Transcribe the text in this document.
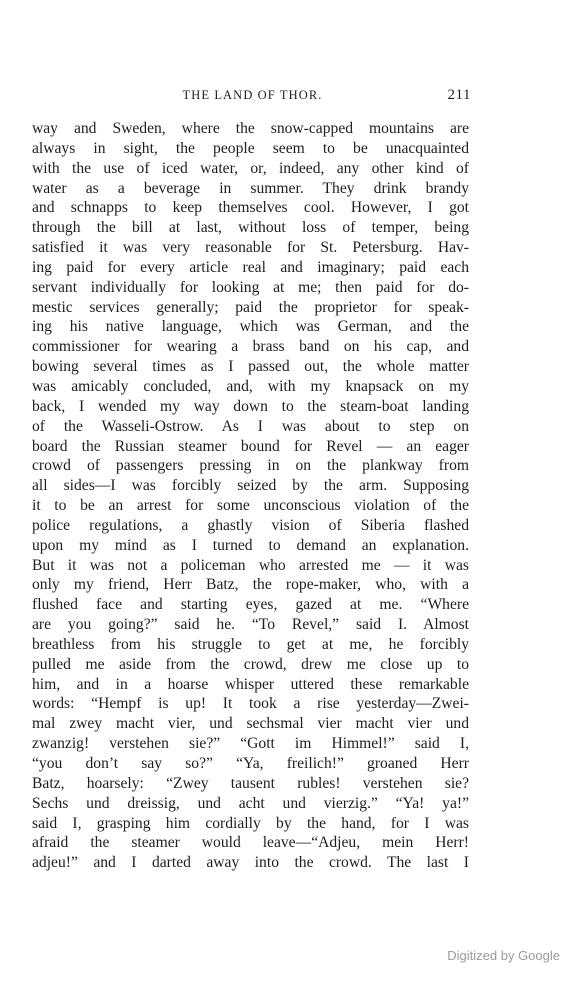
THE LAND OF THOR.	211
way and Sweden, where the snow-capped mountains are
always in sight, the people seem to be unacquainted
with the use of iced water, or, indeed, any other kind of
water as a beverage in summer. They drink brandy
and schnapps to keep themselves cool. However, I got
through the bill at last, without loss of temper, being
satisfied it was very reasonable for St. Petersburg. Hav-
ing paid for every article real and imaginary; paid each
servant individually for looking at me; then paid for do-
mestic services generally; paid the proprietor for speak-
ing his native language, which was German, and the
commissioner for wearing a brass band on his cap, and
bowing several times as I passed out, the whole matter
was amicably concluded, and, with my knapsack on my
back, I wended my way down to the steam-boat landing
of the Wasseli-Ostrow. As I was about to step on
board the Russian steamer bound for Revel — an eager
crowd of passengers pressing in on the plankway from
all sides—I was forcibly seized by the arm. Supposing
it to be an arrest for some unconscious violation of the
police regulations, a ghastly vision of Siberia flashed
upon my mind as I turned to demand an explanation.
But it was not a policeman who arrested me — it was
only my friend, Herr Batz, the rope-maker, who, with a
flushed face and starting eyes, gazed at me. “Where
are you going?” said he. “To Revel,” said I. Almost
breathless from his struggle to get at me, he forcibly
pulled me aside from the crowd, drew me close up to
him, and in a hoarse whisper uttered these remarkable
words: “Hempf is up! It took a rise yesterday—Zwei-
mal zwey macht vier, und sechsmal vier macht vier und
zwanzig! verstehen sie?” “Gott im Himmel!” said I,
“you don’t say so?” “Ya, freilich!” groaned Herr
Batz, hoarsely: “Zwey tausent rubles! verstehen sie?
Sechs und dreissig, und acht und vierzig.” “Ya! ya!”
said I, grasping him cordially by the hand, for I was
afraid the steamer would leave—“Adjeu, mein Herr!
adjeu!” and I darted away into the crowd. The last I
Digitized by Google
